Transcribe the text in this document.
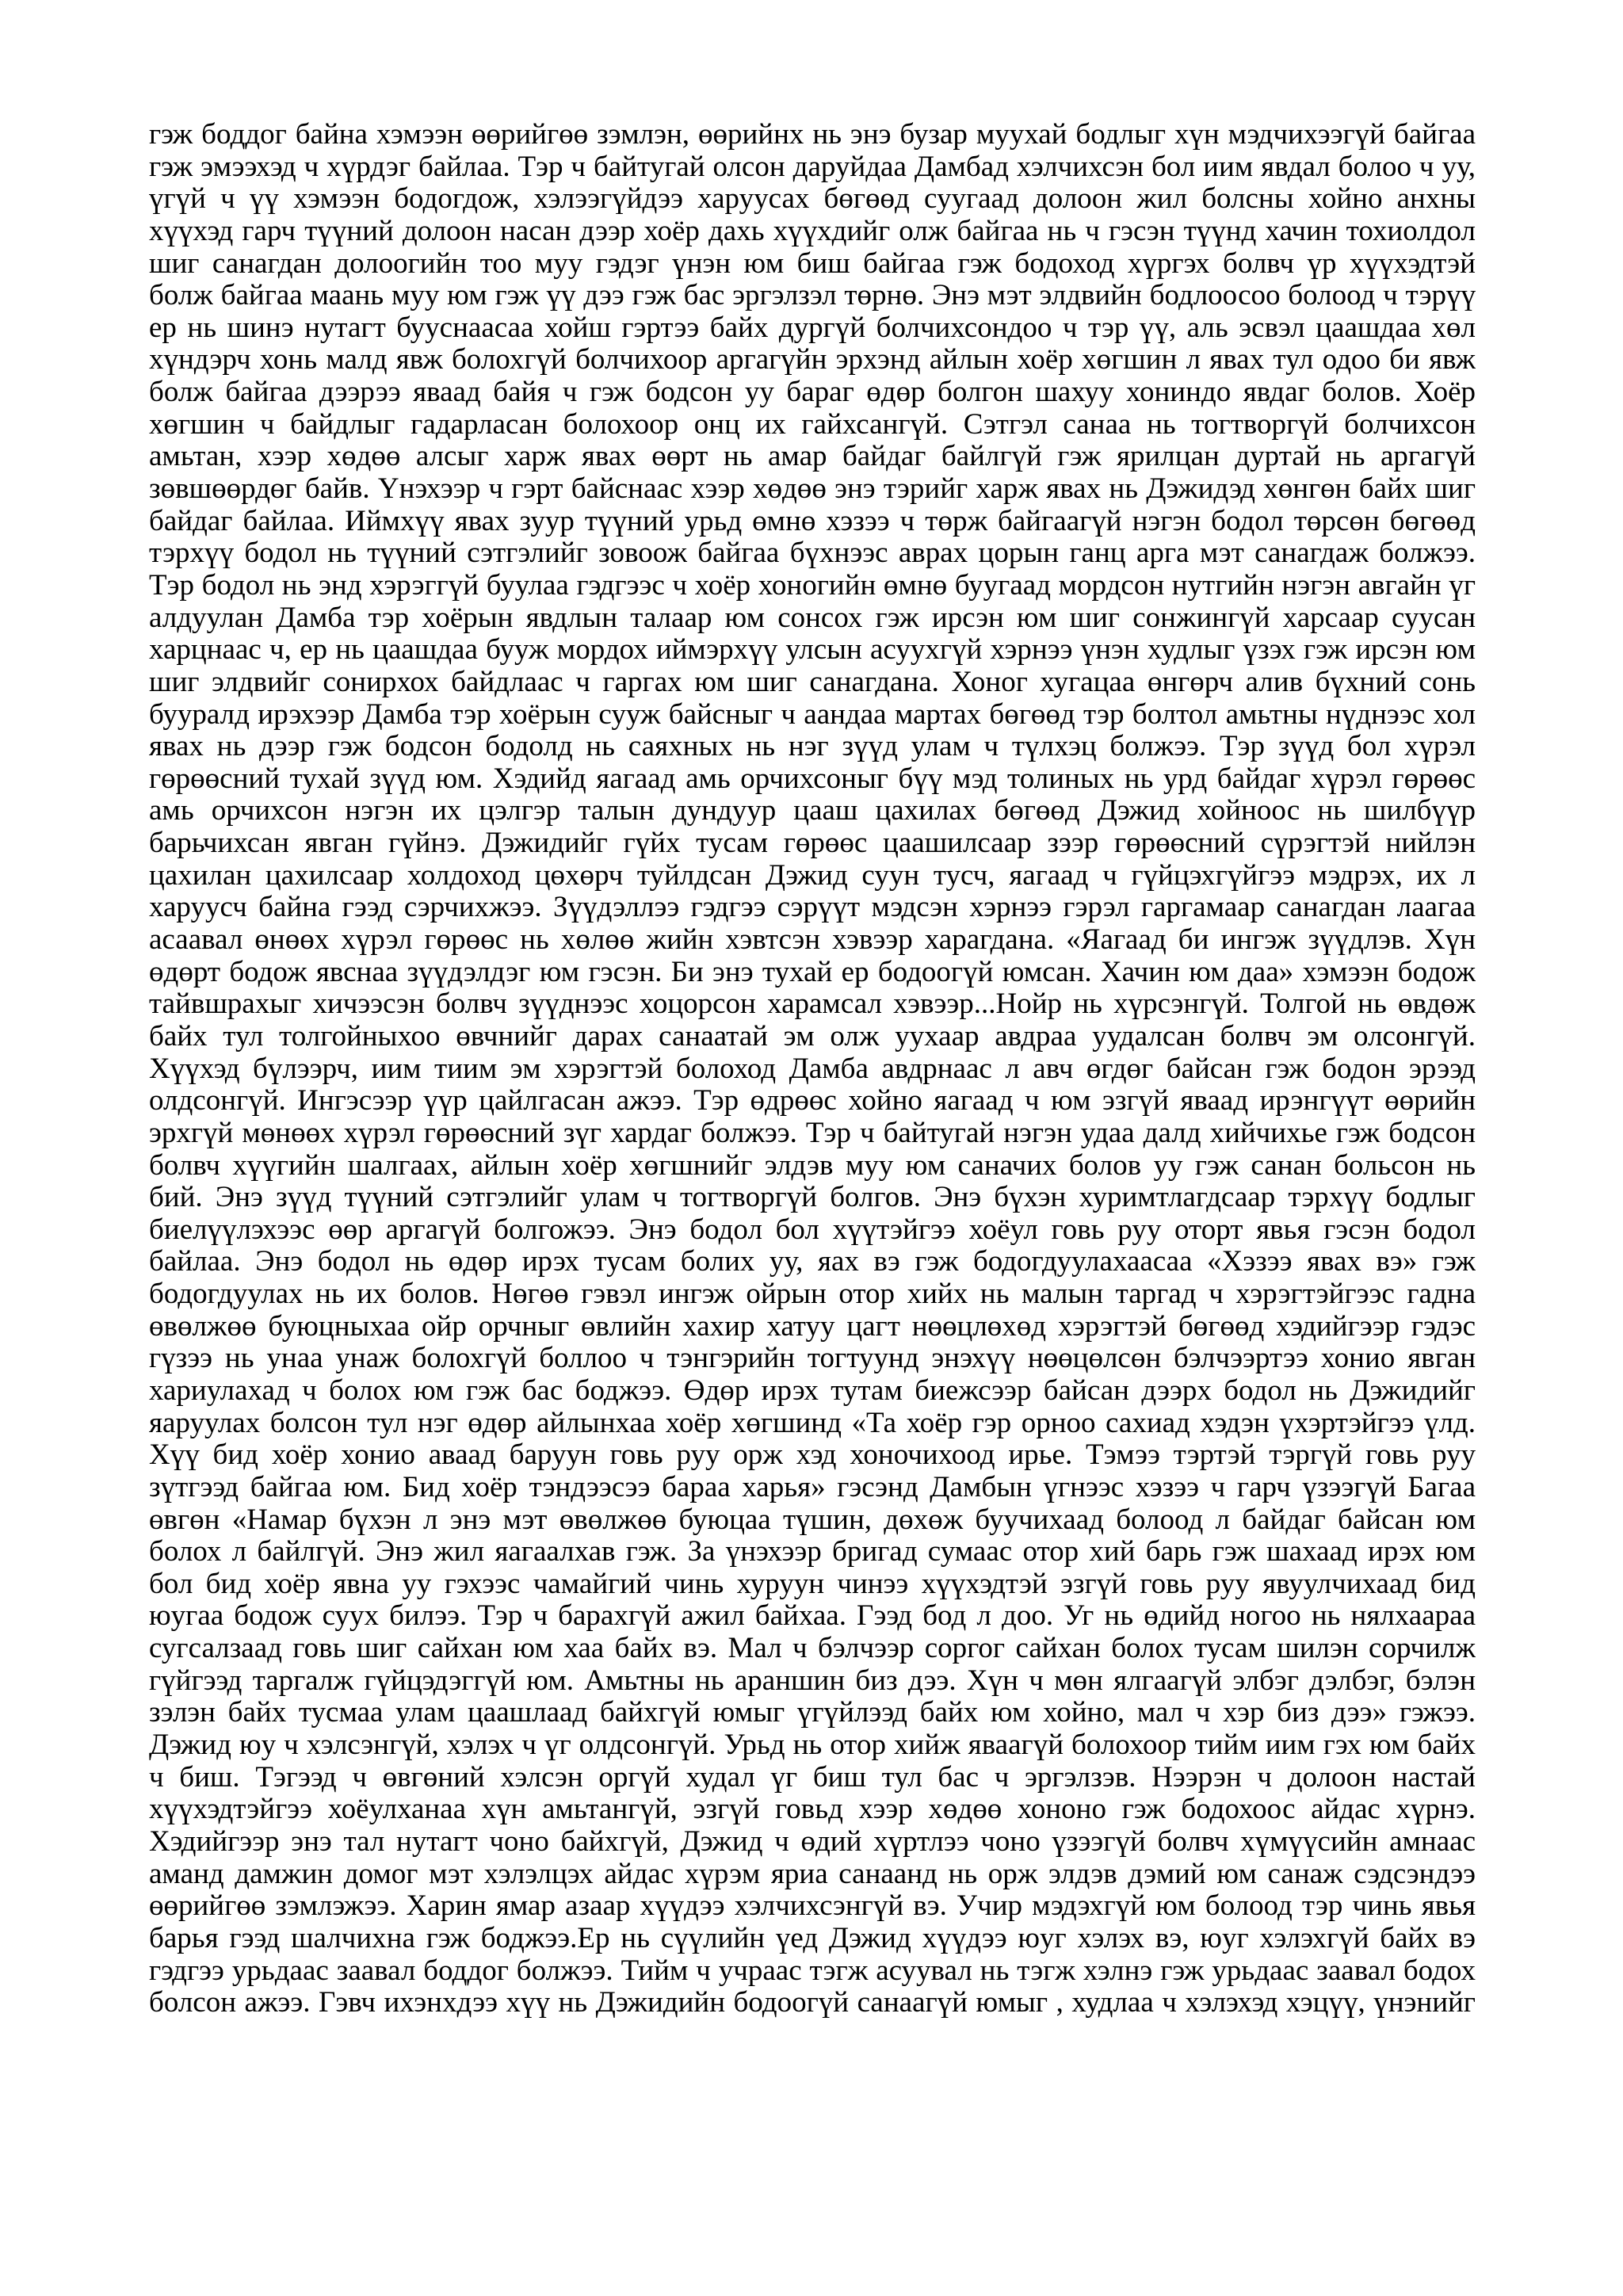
гэж боддог байна хэмээн өөрийгөө зэмлэн, өөрийнх нь энэ бузар муухай бодлыг хүн мэдчихээгүй байгаа
гэж эмээхэд ч хүрдэг байлаа. Тэр ч байтугай олсон даруйдаа Дамбад хэлчихсэн бол иим явдал болоо ч уу,
үгүй ч үү хэмээн бодогдож, хэлээгүйдээ харуусах бөгөөд суугаад долоон жил болсны хойно анхны
хүүхэд гарч түүний долоон насан дээр хоёр дахь хүүхдийг олж байгаа нь ч гэсэн түүнд хачин тохиолдол
шиг санагдан долоогийн тоо муу гэдэг үнэн юм биш байгаа гэж бодоход хүргэх болвч үр хүүхэдтэй
болж байгаа маань муу юм гэж үү дээ гэж бас эргэлзэл төрнө. Энэ мэт элдвийн бодлоосоо болоод ч тэрүү
ер нь шинэ нутагт бууснаасаа хойш гэртээ байх дургүй болчихсондоо ч тэр үү, аль эсвэл цаашдаа хөл
хүндэрч хонь малд явж болохгүй болчихоор аргагүйн эрхэнд айлын хоёр хөгшин л явах тул одоо би явж
болж байгаа дээрээ яваад байя ч гэж бодсон уу бараг өдөр болгон шахуу хониндо явдаг болов. Хоёр
хөгшин ч байдлыг гадарласан болохоор онц их гайхсангүй. Сэтгэл санаа нь тогтворгүй болчихсон
амьтан, хээр хөдөө алсыг харж явах өөрт нь амар байдаг байлгүй гэж ярилцан дуртай нь аргагүй
зөвшөөрдөг байв. Үнэхээр ч гэрт байснаас хээр хөдөө энэ тэрийг харж явах нь Дэжидэд хөнгөн байх шиг
байдаг байлаа. Иймхүү явах зуур түүний урьд өмнө хэзээ ч төрж байгаагүй нэгэн бодол төрсөн бөгөөд
тэрхүү бодол нь түүний сэтгэлийг зовоож байгаа бүхнээс аврах цорын ганц арга мэт санагдаж болжээ.
Тэр бодол нь энд хэрэггүй буулаа гэдгээс ч хоёр хоногийн өмнө буугаад мордсон нутгийн нэгэн авгайн үг
алдуулан Дамба тэр хоёрын явдлын талаар юм сонсох гэж ирсэн юм шиг сонжингүй харсаар суусан
харцнаас ч, ер нь цаашдаа бууж мордох иймэрхүү улсын асуухгүй хэрнээ үнэн худлыг үзэх гэж ирсэн юм
шиг элдвийг сонирхох байдлаас ч гаргах юм шиг санагдана. Хоног хугацаа өнгөрч алив бүхний сонь
бууралд ирэхээр Дамба тэр хоёрын сууж байсныг ч аандаа мартах бөгөөд тэр болтол амьтны нүднээс хол
явах нь дээр гэж бодсон бодолд нь саяхных нь нэг зүүд улам ч түлхэц болжээ. Тэр зүүд бол хүрэл
гөрөөсний тухай зүүд юм. Хэдийд яагаад амь орчихсоныг бүү мэд толиных нь урд байдаг хүрэл гөрөөс
амь орчихсон нэгэн их цэлгэр талын дундуур цааш цахилах бөгөөд Дэжид хойноос нь шилбүүр
барьчихсан явган гүйнэ. Дэжидийг гүйх тусам гөрөөс цаашилсаар зээр гөрөөсний сүрэгтэй нийлэн
цахилан цахилсаар холдоход цөхөрч туйлдсан Дэжид суун тусч, яагаад ч гүйцэхгүйгээ мэдрэх, их л
харуусч байна гээд сэрчихжээ. Зүүдэллээ гэдгээ сэрүүт мэдсэн хэрнээ гэрэл гаргамаар санагдан лаагаа
асаавал өнөөх хүрэл гөрөөс нь хөлөө жийн хэвтсэн хэвээр харагдана. «Яагаад би ингэж зүүдлэв. Хүн
өдөрт бодож явснаа зүүдэлдэг юм гэсэн. Би энэ тухай ер бодоогүй юмсан. Хачин юм даа» хэмээн бодож
тайвшрахыг хичээсэн болвч зүүднээс хоцорсон харамсал хэвээр...Нойр нь хүрсэнгүй. Толгой нь өвдөж
байх тул толгойныхоо өвчнийг дарах санаатай эм олж уухаар авдраа уудалсан болвч эм олсонгүй.
Хүүхэд бүлээрч, иим тиим эм хэрэгтэй болоход Дамба авдрнаас л авч өгдөг байсан гэж бодон эрээд
олдсонгүй. Ингэсээр үүр цайлгасан ажээ. Тэр өдрөөс хойно яагаад ч юм эзгүй яваад ирэнгүүт өөрийн
эрхгүй мөнөөх хүрэл гөрөөсний зүг хардаг болжээ. Тэр ч байтугай нэгэн удаа далд хийчихье гэж бодсон
болвч хүүгийн шалгаах, айлын хоёр хөгшнийг элдэв муу юм саначих болов уу гэж санан больсон нь
бий. Энэ зүүд түүний сэтгэлийг улам ч тогтворгүй болгов. Энэ бүхэн хуримтлагдсаар тэрхүү бодлыг
биелүүлэхээс өөр аргагүй болгожээ. Энэ бодол бол хүүтэйгээ хоёул говь руу оторт явья гэсэн бодол
байлаа. Энэ бодол нь өдөр ирэх тусам болих уу, яах вэ гэж бодогдуулахаасаа «Хэзээ явах вэ» гэж
бодогдуулах нь их болов. Нөгөө гэвэл ингэж ойрын отор хийх нь малын таргад ч хэрэгтэйгээс гадна
өвөлжөө буюцныхаа ойр орчныг өвлийн хахир хатуу цагт нөөцлөхөд хэрэгтэй бөгөөд хэдийгээр гэдэс
гүзээ нь унаа унаж болохгүй боллоо ч тэнгэрийн тогтуунд энэхүү нөөцөлсөн бэлчээртээ хонио явган
хариулахад ч болох юм гэж бас боджээ. Өдөр ирэх тутам биежсээр байсан дээрх бодол нь Дэжидийг
яаруулах болсон тул нэг өдөр айлынхаа хоёр хөгшинд «Та хоёр гэр орноо сахиад хэдэн үхэртэйгээ үлд.
Хүү бид хоёр хонио аваад баруун говь руу орж хэд хоночихоод ирье. Тэмээ тэртэй тэргүй говь руу
зүтгээд байгаа юм. Бид хоёр тэндээсээ бараа харья» гэсэнд Дамбын үгнээс хэзээ ч гарч үзээгүй Багаа
өвгөн «Намар бүхэн л энэ мэт өвөлжөө буюцаа түшин, дөхөж буучихаад болоод л байдаг байсан юм
болох л байлгүй. Энэ жил яагаалхав гэж. За үнэхээр бригад сумаас отор хий барь гэж шахаад ирэх юм
бол бид хоёр явна уу гэхээс чамайгий чинь хуруун чинээ хүүхэдтэй эзгүй говь руу явуулчихаад бид
юугаа бодож суух билээ. Тэр ч барахгүй ажил байхаа. Гээд бод л доо. Уг нь өдийд ногоо нь нялхаараа
сугсалзаад говь шиг сайхан юм хаа байх вэ. Мал ч бэлчээр соргог сайхан болох тусам шилэн сорчилж
гүйгээд таргалж гүйцэдэггүй юм. Амьтны нь араншин биз дээ. Хүн ч мөн ялгаагүй элбэг дэлбэг, бэлэн
зэлэн байх тусмаа улам цаашлаад байхгүй юмыг үгүйлээд байх юм хойно, мал ч хэр биз дээ» гэжээ.
Дэжид юу ч хэлсэнгүй, хэлэх ч үг олдсонгүй. Урьд нь отор хийж яваагүй болохоор тийм иим гэх юм байх
ч биш. Тэгээд ч өвгөний хэлсэн оргүй худал үг биш тул бас ч эргэлзэв. Нээрэн ч долоон настай
хүүхэдтэйгээ хоёулханаа хүн амьтангүй, эзгүй говьд хээр хөдөө хононо гэж бодохоос айдас хүрнэ.
Хэдийгээр энэ тал нутагт чоно байхгүй, Дэжид ч өдий хүртлээ чоно үзээгүй болвч хүмүүсийн амнаас
аманд дамжин домог мэт хэлэлцэх айдас хүрэм яриа санаанд нь орж элдэв дэмий юм санаж сэдсэндээ
өөрийгөө зэмлэжээ. Харин ямар азаар хүүдээ хэлчихсэнгүй вэ. Учир мэдэхгүй юм болоод тэр чинь явья
барья гээд шалчихна гэж боджээ.Ер нь сүүлийн үед Дэжид хүүдээ юуг хэлэх вэ, юуг хэлэхгүй байх вэ
гэдгээ урьдаас заавал боддог болжээ. Тийм ч учраас тэгж асуувал нь тэгж хэлнэ гэж урьдаас заавал бодох
болсон ажээ. Гэвч ихэнхдээ хүү нь Дэжидийн бодоогүй санаагүй юмыг , худлаа ч хэлэхэд хэцүү, үнэнийг
